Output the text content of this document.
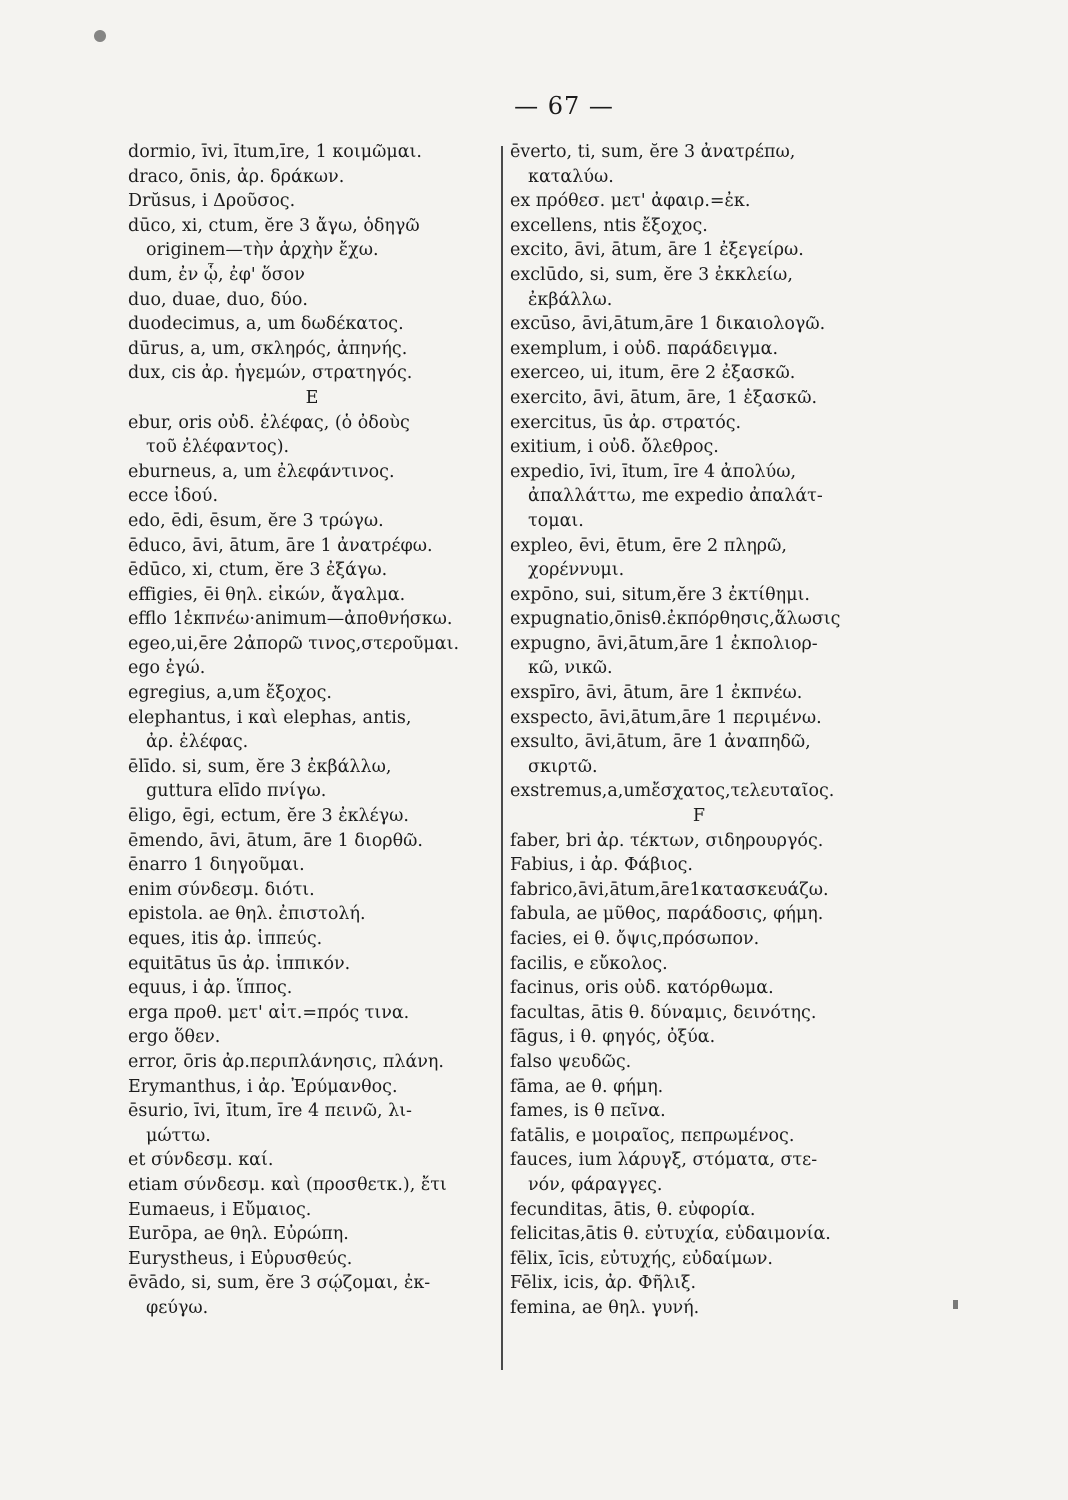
— 67 —
dormio, īvi, ītum,īre, 1 κοιμῶμαι.
draco, ōnis, ἀρ. δράκων.
Drŭsus, i Δροῦσος.
dūco, xi, ctum, ĕre 3 ἄγω, ὁδηγῶ
originem—τὴν ἀρχὴν ἔχω.
dum, ἐν ᾧ, ἐφ' ὅσον
duo, duae, duo, δύο.
duodecimus, a, um δωδέκατος.
dūrus, a, um, σκληρός, ἀπηνής.
dux, cis ἀρ. ἡγεμών, στρατηγός.
E
ebur, oris οὐδ. ἐλέφας, (ὁ ὀδοὺς
τοῦ ἐλέφαντος).
eburneus, a, um ἐλεφάντινος.
ecce ἰδού.
edo, ēdi, ēsum, ĕre 3 τρώγω.
ēduco, āvi, ātum, āre 1 ἀνατρέφω.
ēdūco, xi, ctum, ĕre 3 ἐξάγω.
effigies, ēi θηλ. εἰκών, ἄγαλμα.
efflo 1ἐκπνέω·animum—ἀποθνήσκω.
egeo,ui,ēre 2ἀπορῶ τινος,στεροῦμαι.
ego ἐγώ.
egregius, a,um ἔξοχος.
elephantus, i καὶ elephas, antis,
ἀρ. ἐλέφας.
ēlīdo. si, sum, ĕre 3 ἐκβάλλω,
guttura elīdo πνίγω.
ēligo, ēgi, ectum, ĕre 3 ἐκλέγω.
ēmendo, āvi, ātum, āre 1 διορθῶ.
ēnarro 1 διηγοῦμαι.
enim σύνδεσμ. διότι.
epistola. ae θηλ. ἐπιστολή.
eques, itis ἀρ. ἱππεύς.
equitātus ūs ἀρ. ἱππικόν.
equus, i ἀρ. ἵππος.
erga προθ. μετ' αἰτ.=πρός τινα.
ergo ὅθεν.
error, ōris ἀρ.περιπλάνησις, πλάνη.
Erymanthus, i ἀρ. Ἐρύμανθος.
ēsurio, īvi, ītum, īre 4 πεινῶ, λι-
μώττω.
et σύνδεσμ. καί.
etiam σύνδεσμ. καὶ (προσθετκ.), ἔτι
Eumaeus, i Εὔμαιος.
Eurōpa, ae θηλ. Εὐρώπη.
Eurystheus, i Εὐρυσθεύς.
ēvādo, si, sum, ĕre 3 σῴζομαι, ἐκ-
φεύγω.
ēverto, ti, sum, ĕre 3 ἀνατρέπω,
καταλύω.
ex πρόθεσ. μετ' ἀφαιρ.=ἐκ.
excellens, ntis ἔξοχος.
excito, āvi, ātum, āre 1 ἐξεγείρω.
exclūdo, si, sum, ĕre 3 ἐκκλείω,
ἐκβάλλω.
excūso, āvi,ātum,āre 1 δικαιολογῶ.
exemplum, i οὐδ. παράδειγμα.
exerceo, ui, itum, ēre 2 ἐξασκῶ.
exercito, āvi, ātum, āre, 1 ἐξασκῶ.
exercitus, ūs ἀρ. στρατός.
exitium, i οὐδ. ὄλεθρος.
expedio, īvi, ītum, īre 4 ἀπολύω,
ἀπαλλάττω, me expedio ἀπαλάτ-
τομαι.
expleo, ēvi, ētum, ēre 2 πληρῶ,
χορέννυμι.
expōno, sui, situm,ĕre 3 ἐκτίθημι.
expugnatio,ōnisθ.ἐκπόρθησις,ἅλωσις
expugno, āvi,ātum,āre 1 ἐκπολιορ-
κῶ, νικῶ.
exspīro, āvi, ātum, āre 1 ἐκπνέω.
exspecto, āvi,ātum,āre 1 περιμένω.
exsulto, āvi,ātum, āre 1 ἀναπηδῶ,
σκιρτῶ.
exstremus,a,umἔσχατος,τελευταῖος.
F
faber, bri ἀρ. τέκτων, σιδηρουργός.
Fabius, i ἀρ. Φάβιος.
fabrico,āvi,ātum,āre1κατασκευάζω.
fabula, ae μῦθος, παράδοσις, φήμη.
facies, ei θ. ὄψις,πρόσωπον.
facilis, e εὔκολος.
facinus, oris οὐδ. κατόρθωμα.
facultas, ātis θ. δύναμις, δεινότης.
fāgus, i θ. φηγός, ὀξύα.
falso ψευδῶς.
fāma, ae θ. φήμη.
fames, is θ πεῖνα.
fatālis, e μοιραῖος, πεπρωμένος.
fauces, ium λάρυγξ, στόματα, στε-
νόν, φάραγγες.
fecunditas, ātis, θ. εὐφορία.
felicitas,ātis θ. εὐτυχία, εὐδαιμονία.
fēlix, īcis, εὐτυχής, εὐδαίμων.
Fēlix, icis, ἀρ. Φῆλιξ.
femina, ae θηλ. γυνή.
